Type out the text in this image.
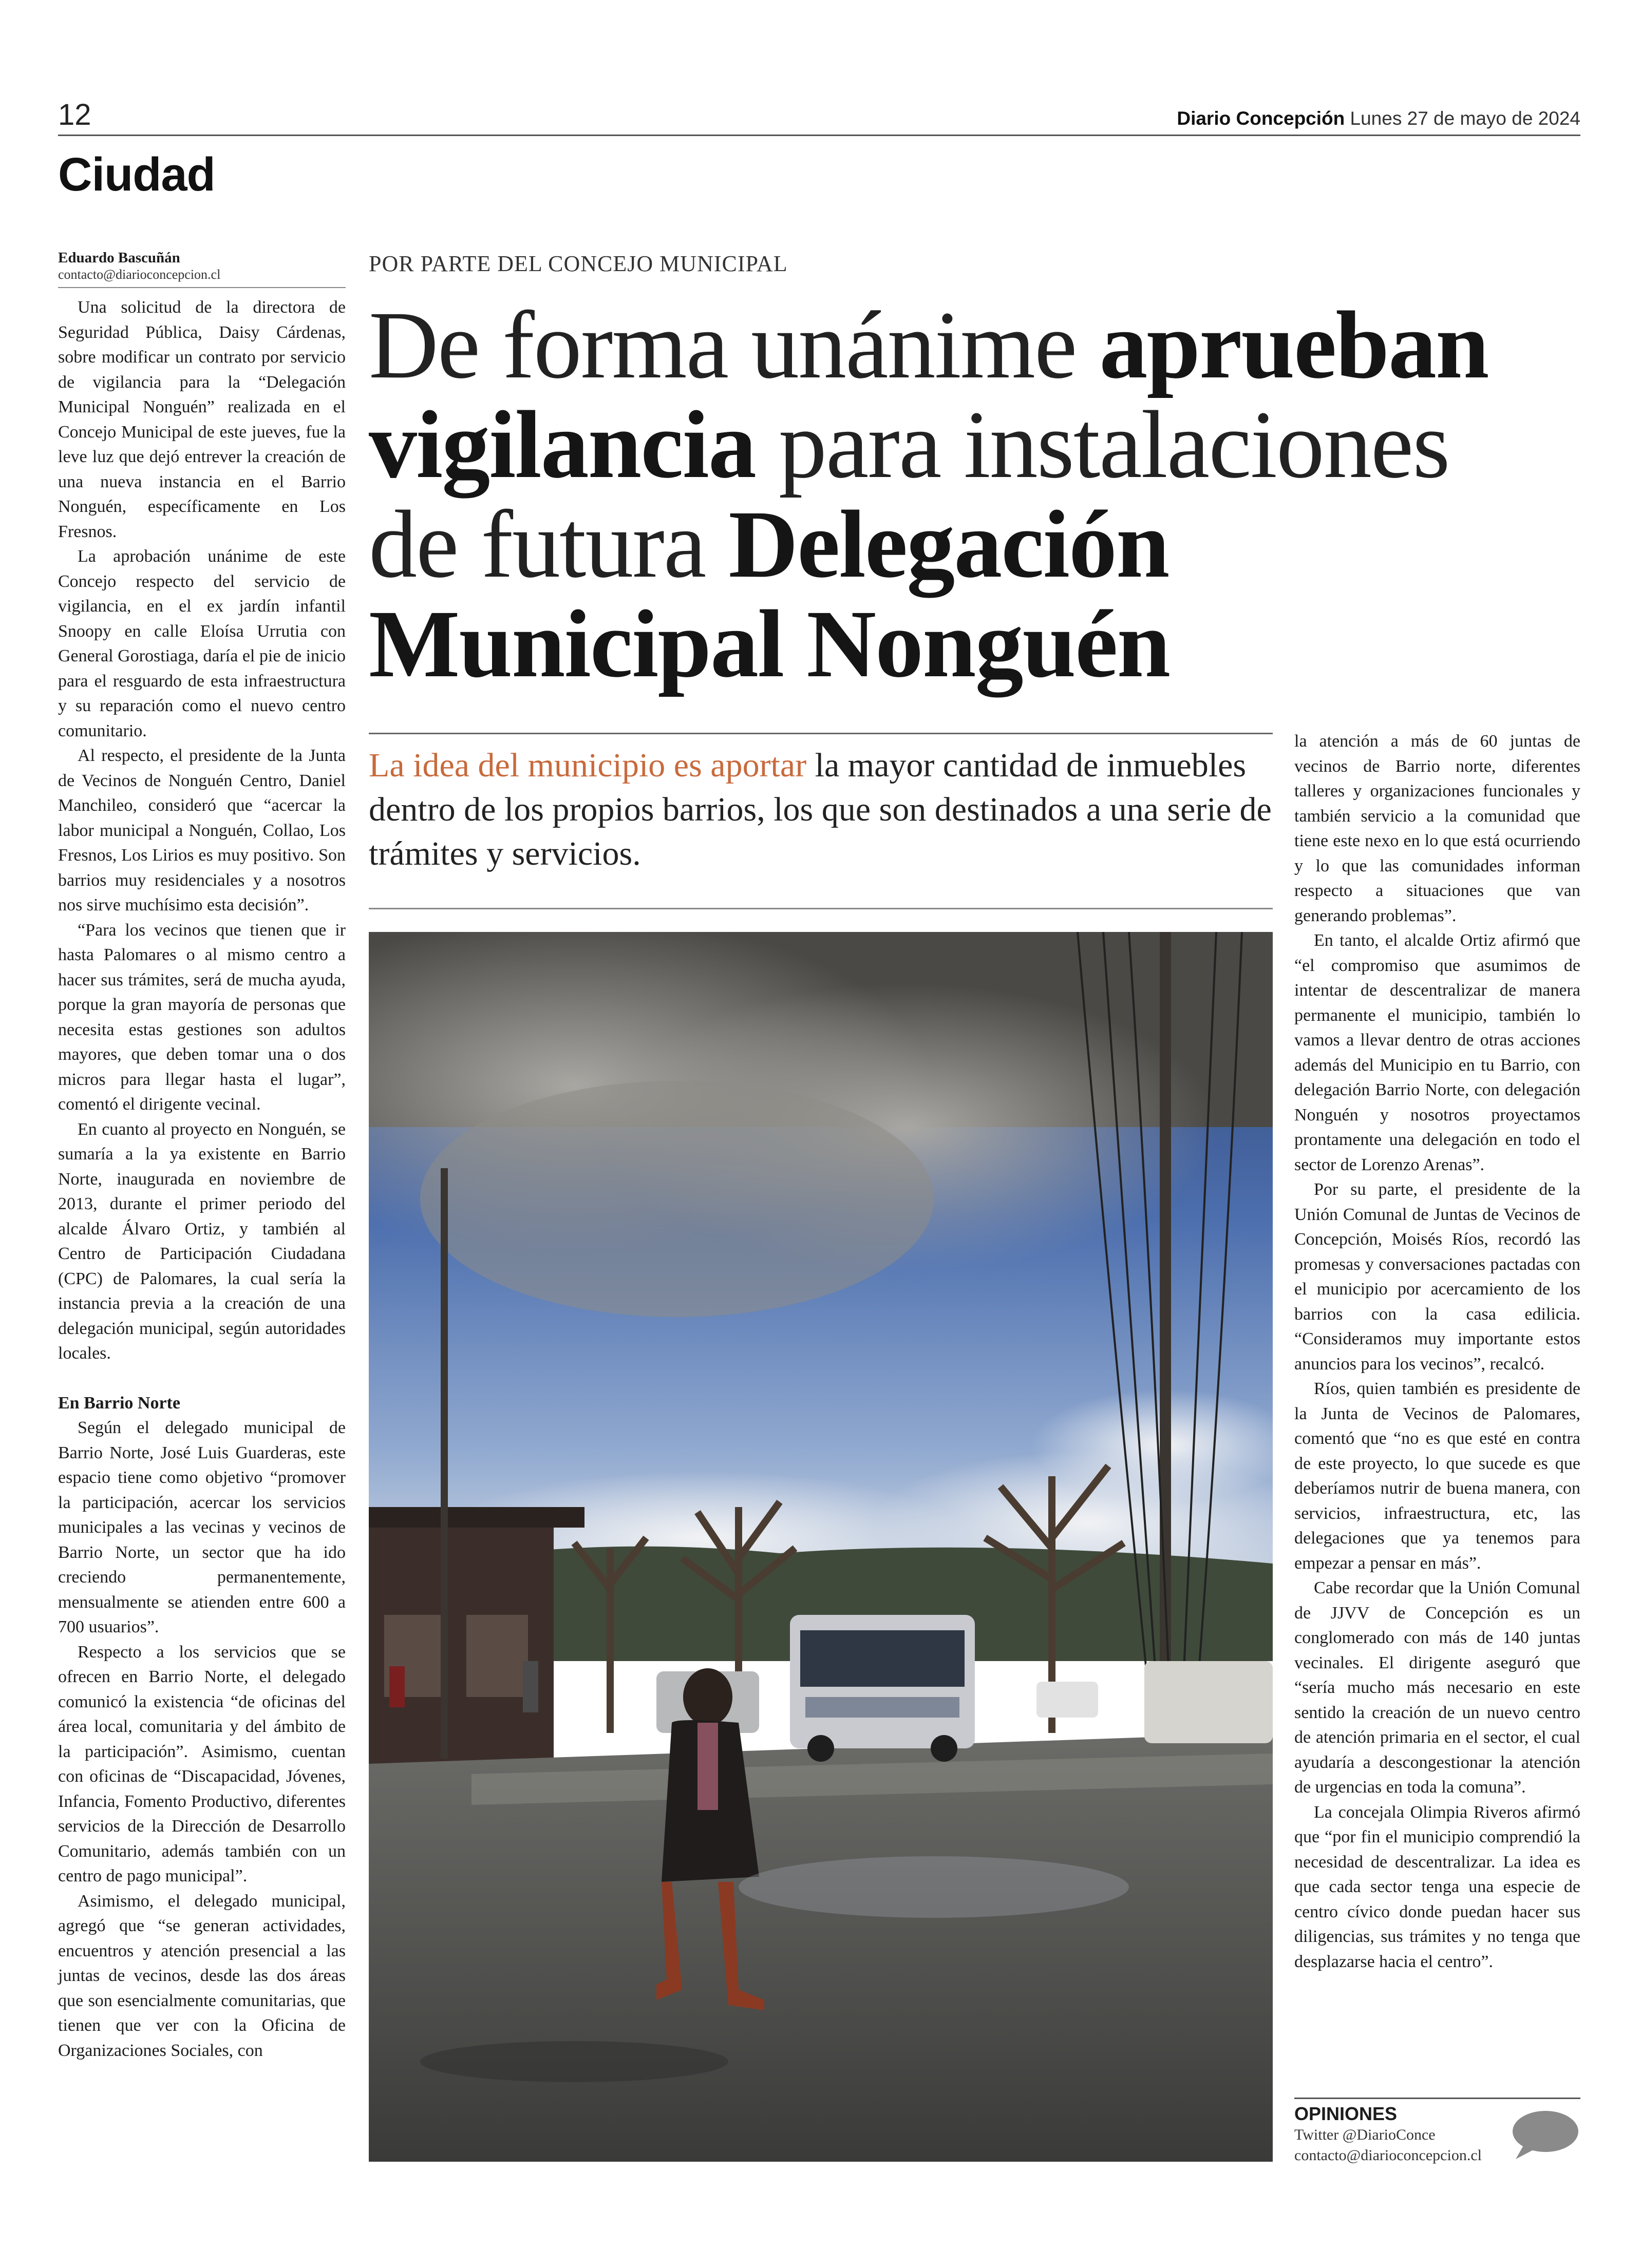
12	Diario Concepción Lunes 27 de mayo de 2024
Ciudad
Eduardo Bascuñán
contacto@diarioconcepcion.cl

Una solicitud de la directora de Seguridad Pública, Daisy Cárdenas, sobre modificar un contrato por servicio de vigilancia para la “Delegación Municipal Nonguén” realizada en el Concejo Municipal de este jueves, fue la leve luz que dejó entrever la creación de una nueva instancia en el Barrio Nonguén, específicamente en Los Fresnos.

La aprobación unánime de este Concejo respecto del servicio de vigilancia, en el ex jardín infantil Snoopy en calle Eloísa Urrutia con General Gorostiaga, daría el pie de inicio para el resguardo de esta infraestructura y su reparación como el nuevo centro comunitario.

Al respecto, el presidente de la Junta de Vecinos de Nonguén Centro, Daniel Manchileo, consideró que “acercar la labor municipal a Nonguén, Collao, Los Fresnos, Los Lirios es muy positivo. Son barrios muy residenciales y a nosotros nos sirve muchísimo esta decisión”.

“Para los vecinos que tienen que ir hasta Palomares o al mismo centro a hacer sus trámites, será de mucha ayuda, porque la gran mayoría de personas que necesita estas gestiones son adultos mayores, que deben tomar una o dos micros para llegar hasta el lugar”, comentó el dirigente vecinal.

En cuanto al proyecto en Nonguén, se sumaría a la ya existente en Barrio Norte, inaugurada en noviembre de 2013, durante el primer periodo del alcalde Álvaro Ortiz, y también al Centro de Participación Ciudadana (CPC) de Palomares, la cual sería la instancia previa a la creación de una delegación municipal, según autoridades locales.

En Barrio Norte

Según el delegado municipal de Barrio Norte, José Luis Guarderas, este espacio tiene como objetivo “promover la participación, acercar los servicios municipales a las vecinas y vecinos de Barrio Norte, un sector que ha ido creciendo permanentemente, mensualmente se atienden entre 600 a 700 usuarios”.

Respecto a los servicios que se ofrecen en Barrio Norte, el delegado comunicó la existencia “de oficinas del área local, comunitaria y del ámbito de la participación”. Asimismo, cuentan con oficinas de “Discapacidad, Jóvenes, Infancia, Fomento Productivo, diferentes servicios de la Dirección de Desarrollo Comunitario, además también con un centro de pago municipal”.

Asimismo, el delegado municipal, agregó que “se generan actividades, encuentros y atención presencial a las juntas de vecinos, desde las dos áreas que son esencialmente comunitarias, que tienen que ver con la Oficina de Organizaciones Sociales, con

POR PARTE DEL CONCEJO MUNICIPAL
De forma unánime aprueban vigilancia para instalaciones de futura Delegación Municipal Nonguén
La idea del municipio es aportar la mayor cantidad de inmuebles dentro de los propios barrios, los que son destinados a una serie de trámites y servicios.

la atención a más de 60 juntas de vecinos de Barrio norte, diferentes talleres y organizaciones funcionales y también servicio a la comunidad que tiene este nexo en lo que está ocurriendo y lo que las comunidades informan respecto a situaciones que van generando problemas”.

En tanto, el alcalde Ortiz afirmó que “el compromiso que asumimos de intentar de descentralizar de manera permanente el municipio, también lo vamos a llevar dentro de otras acciones además del Municipio en tu Barrio, con delegación Barrio Norte, con delegación Nonguén y nosotros proyectamos prontamente una delegación en todo el sector de Lorenzo Arenas”.

Por su parte, el presidente de la Unión Comunal de Juntas de Vecinos de Concepción, Moisés Ríos, recordó las promesas y conversaciones pactadas con el municipio por acercamiento de los barrios con la casa edilicia. “Consideramos muy importante estos anuncios para los vecinos”, recalcó.

Ríos, quien también es presidente de la Junta de Vecinos de Palomares, comentó que “no es que esté en contra de este proyecto, lo que sucede es que deberíamos nutrir de buena manera, con servicios, infraestructura, etc, las delegaciones que ya tenemos para empezar a pensar en más”.

Cabe recordar que la Unión Comunal de JJVV de Concepción es un conglomerado con más de 140 juntas vecinales. El dirigente aseguró que “sería mucho más necesario en este sentido la creación de un nuevo centro de atención primaria en el sector, el cual ayudaría a descongestionar la atención de urgencias en toda la comuna”.

La concejala Olimpia Riveros afirmó que “por fin el municipio comprendió la necesidad de descentralizar. La idea es que cada sector tenga una especie de centro cívico donde puedan hacer sus diligencias, sus trámites y no tenga que desplazarse hacia el centro”.

OPINIONES
Twitter @DiarioConce
contacto@diarioconcepcion.cl
